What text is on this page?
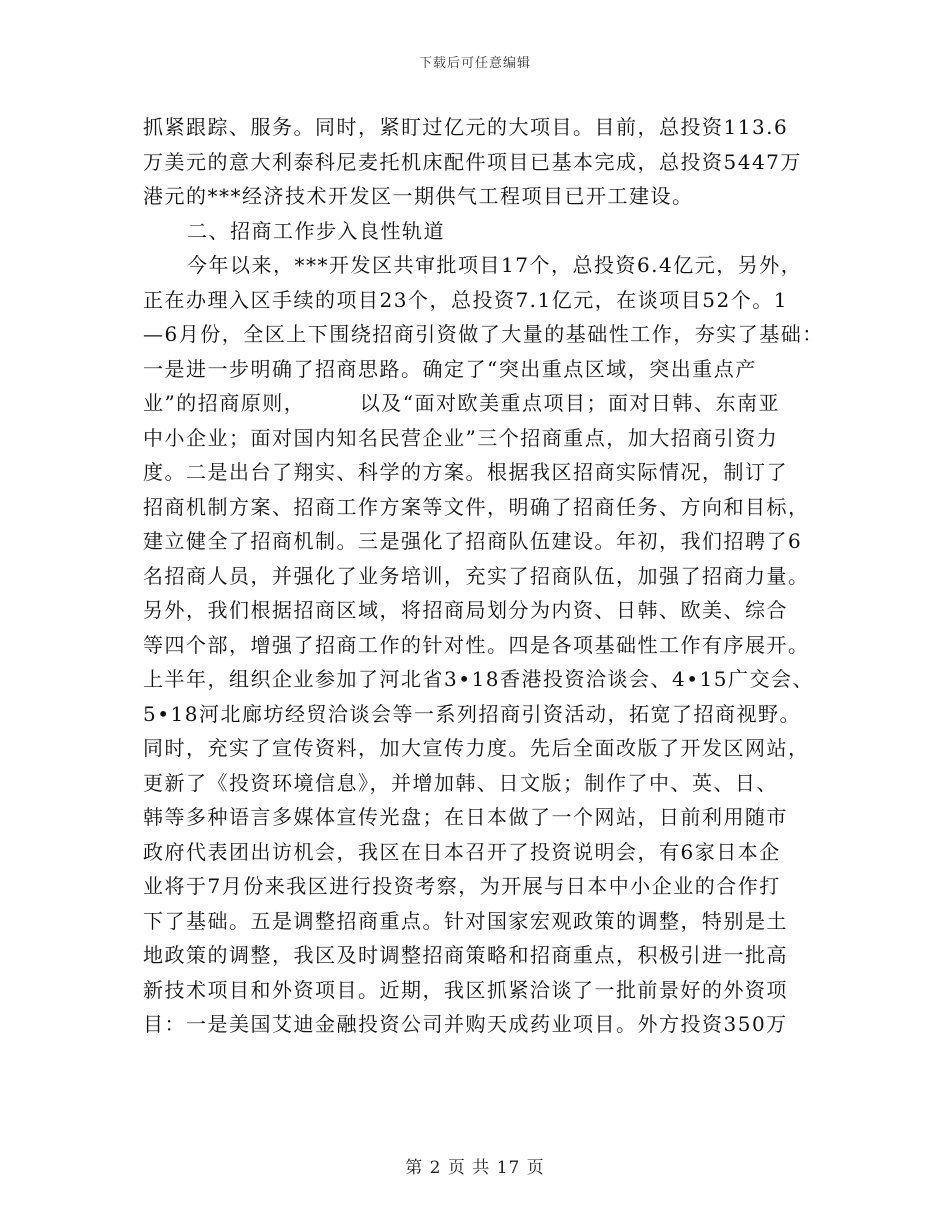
下载后可任意编辑
抓紧跟踪、服务。同时，紧盯过亿元的大项目。目前，总投资113.6
万美元的意大利泰科尼麦托机床配件项目已基本完成，总投资5447万
港元的***经济技术开发区一期供气工程项目已开工建设。
二、招商工作步入良性轨道
今年以来，***开发区共审批项目17个，总投资6.4亿元，另外，
正在办理入区手续的项目23个，总投资7.1亿元，在谈项目52个。1
—6月份，全区上下围绕招商引资做了大量的基础性工作，夯实了基础：
一是进一步明确了招商思路。确定了“突出重点区域，突出重点产
业”的招商原则，　　　以及“面对欧美重点项目；面对日韩、东南亚
中小企业；面对国内知名民营企业”三个招商重点，加大招商引资力
度。二是出台了翔实、科学的方案。根据我区招商实际情况，制订了
招商机制方案、招商工作方案等文件，明确了招商任务、方向和目标，
建立健全了招商机制。三是强化了招商队伍建设。年初，我们招聘了6
名招商人员，并强化了业务培训，充实了招商队伍，加强了招商力量。
另外，我们根据招商区域，将招商局划分为内资、日韩、欧美、综合
等四个部，增强了招商工作的针对性。四是各项基础性工作有序展开。
上半年，组织企业参加了河北省3•18香港投资洽谈会、4•15广交会、
5•18河北廊坊经贸洽谈会等一系列招商引资活动，拓宽了招商视野。
同时，充实了宣传资料，加大宣传力度。先后全面改版了开发区网站，
更新了《投资环境信息》，并增加韩、日文版；制作了中、英、日、
韩等多种语言多媒体宣传光盘；在日本做了一个网站，日前利用随市
政府代表团出访机会，我区在日本召开了投资说明会，有6家日本企
业将于7月份来我区进行投资考察，为开展与日本中小企业的合作打
下了基础。五是调整招商重点。针对国家宏观政策的调整，特别是土
地政策的调整，我区及时调整招商策略和招商重点，积极引进一批高
新技术项目和外资项目。近期，我区抓紧洽谈了一批前景好的外资项
目：一是美国艾迪金融投资公司并购天成药业项目。外方投资350万
第 2 页 共 17 页
